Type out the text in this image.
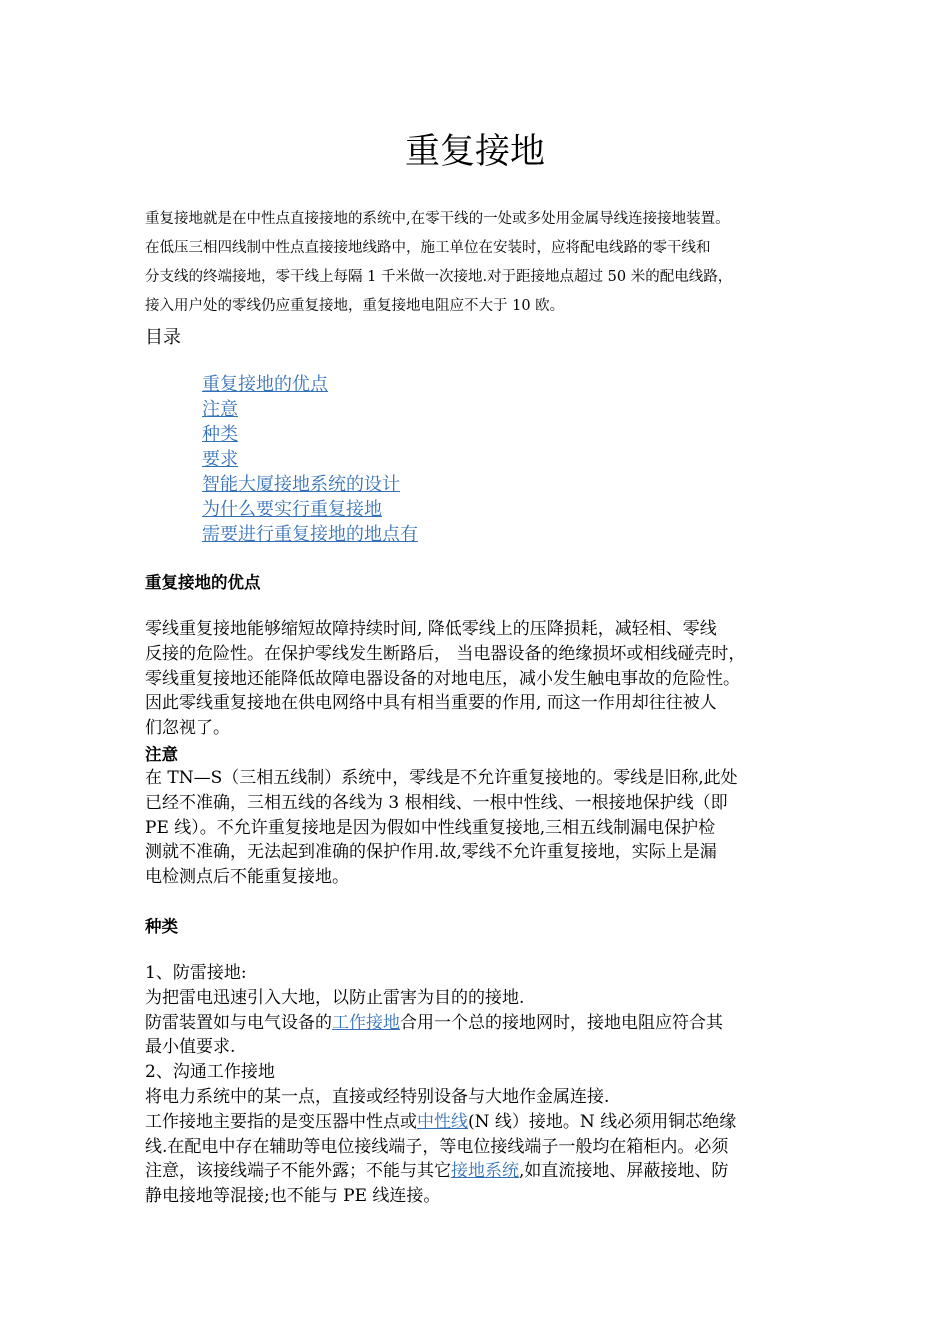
重复接地
重复接地就是在中性点直接接地的系统中,在零干线的一处或多处用金属导线连接接地装置。
在低压三相四线制中性点直接接地线路中，施工单位在安装时，应将配电线路的零干线和
分支线的终端接地，零干线上每隔 1 千米做一次接地.对于距接地点超过 50 米的配电线路，
接入用户处的零线仍应重复接地，重复接地电阻应不大于 10 欧。
目录
重复接地的优点
注意
种类
要求
智能大厦接地系统的设计
为什么要实行重复接地
需要进行重复接地的地点有
重复接地的优点
零线重复接地能够缩短故障持续时间, 降低零线上的压降损耗，减轻相、零线
反接的危险性。在保护零线发生断路后， 当电器设备的绝缘损坏或相线碰壳时，
零线重复接地还能降低故障电器设备的对地电压，减小发生触电事故的危险性。
因此零线重复接地在供电网络中具有相当重要的作用, 而这一作用却往往被人
们忽视了。
注意
在 TN—S（三相五线制）系统中，零线是不允许重复接地的。零线是旧称,此处
已经不准确，三相五线的各线为 3 根相线、一根中性线、一根接地保护线（即
PE 线）。不允许重复接地是因为假如中性线重复接地,三相五线制漏电保护检
测就不准确，无法起到准确的保护作用.故,零线不允许重复接地，实际上是漏
电检测点后不能重复接地。
种类
1、防雷接地:
为把雷电迅速引入大地，以防止雷害为目的的接地.
防雷装置如与电气设备的工作接地合用一个总的接地网时，接地电阻应符合其
最小值要求.
2、沟通工作接地
将电力系统中的某一点，直接或经特别设备与大地作金属连接.
工作接地主要指的是变压器中性点或中性线(N 线）接地。N 线必须用铜芯绝缘
线.在配电中存在辅助等电位接线端子，等电位接线端子一般均在箱柜内。必须
注意，该接线端子不能外露；不能与其它接地系统,如直流接地、屏蔽接地、防
静电接地等混接;也不能与 PE 线连接。
